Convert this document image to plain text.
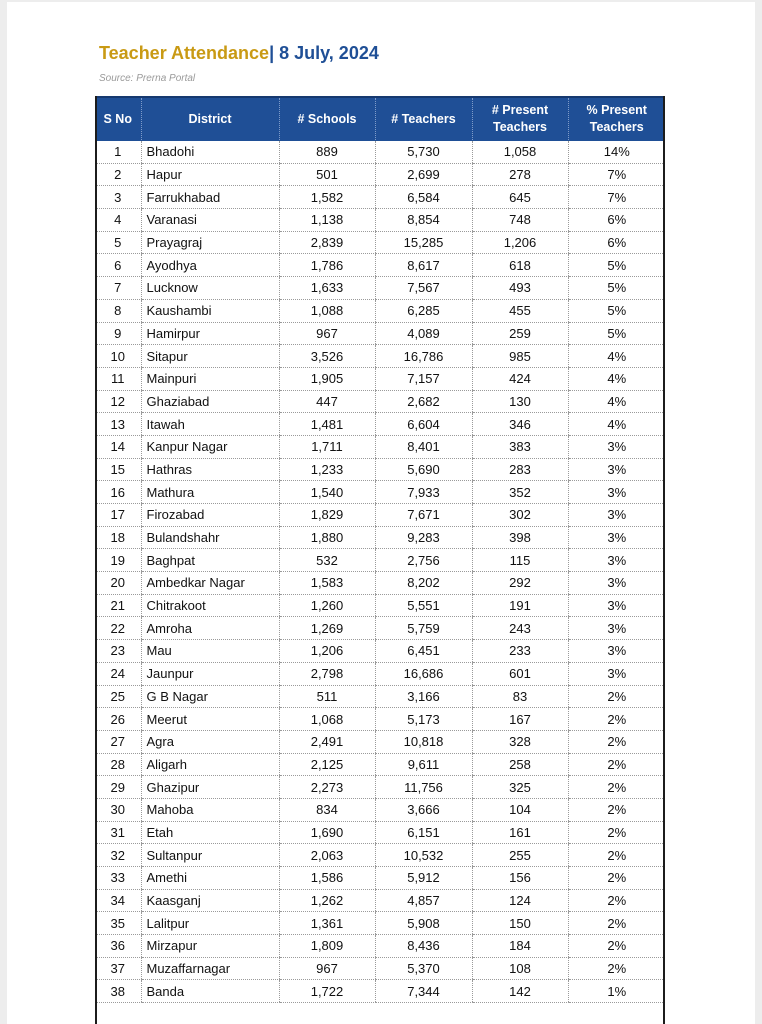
Teacher Attendance| 8 July, 2024
Source: Prerna Portal
S No	District	# Schools	# Teachers	# Present Teachers	% Present Teachers
1	Bhadohi	889	5,730	1,058	14%
2	Hapur	501	2,699	278	7%
3	Farrukhabad	1,582	6,584	645	7%
4	Varanasi	1,138	8,854	748	6%
5	Prayagraj	2,839	15,285	1,206	6%
6	Ayodhya	1,786	8,617	618	5%
7	Lucknow	1,633	7,567	493	5%
8	Kaushambi	1,088	6,285	455	5%
9	Hamirpur	967	4,089	259	5%
10	Sitapur	3,526	16,786	985	4%
11	Mainpuri	1,905	7,157	424	4%
12	Ghaziabad	447	2,682	130	4%
13	Itawah	1,481	6,604	346	4%
14	Kanpur Nagar	1,711	8,401	383	3%
15	Hathras	1,233	5,690	283	3%
16	Mathura	1,540	7,933	352	3%
17	Firozabad	1,829	7,671	302	3%
18	Bulandshahr	1,880	9,283	398	3%
19	Baghpat	532	2,756	115	3%
20	Ambedkar Nagar	1,583	8,202	292	3%
21	Chitrakoot	1,260	5,551	191	3%
22	Amroha	1,269	5,759	243	3%
23	Mau	1,206	6,451	233	3%
24	Jaunpur	2,798	16,686	601	3%
25	G B Nagar	511	3,166	83	2%
26	Meerut	1,068	5,173	167	2%
27	Agra	2,491	10,818	328	2%
28	Aligarh	2,125	9,611	258	2%
29	Ghazipur	2,273	11,756	325	2%
30	Mahoba	834	3,666	104	2%
31	Etah	1,690	6,151	161	2%
32	Sultanpur	2,063	10,532	255	2%
33	Amethi	1,586	5,912	156	2%
34	Kaasganj	1,262	4,857	124	2%
35	Lalitpur	1,361	5,908	150	2%
36	Mirzapur	1,809	8,436	184	2%
37	Muzaffarnagar	967	5,370	108	2%
38	Banda	1,722	7,344	142	1%
